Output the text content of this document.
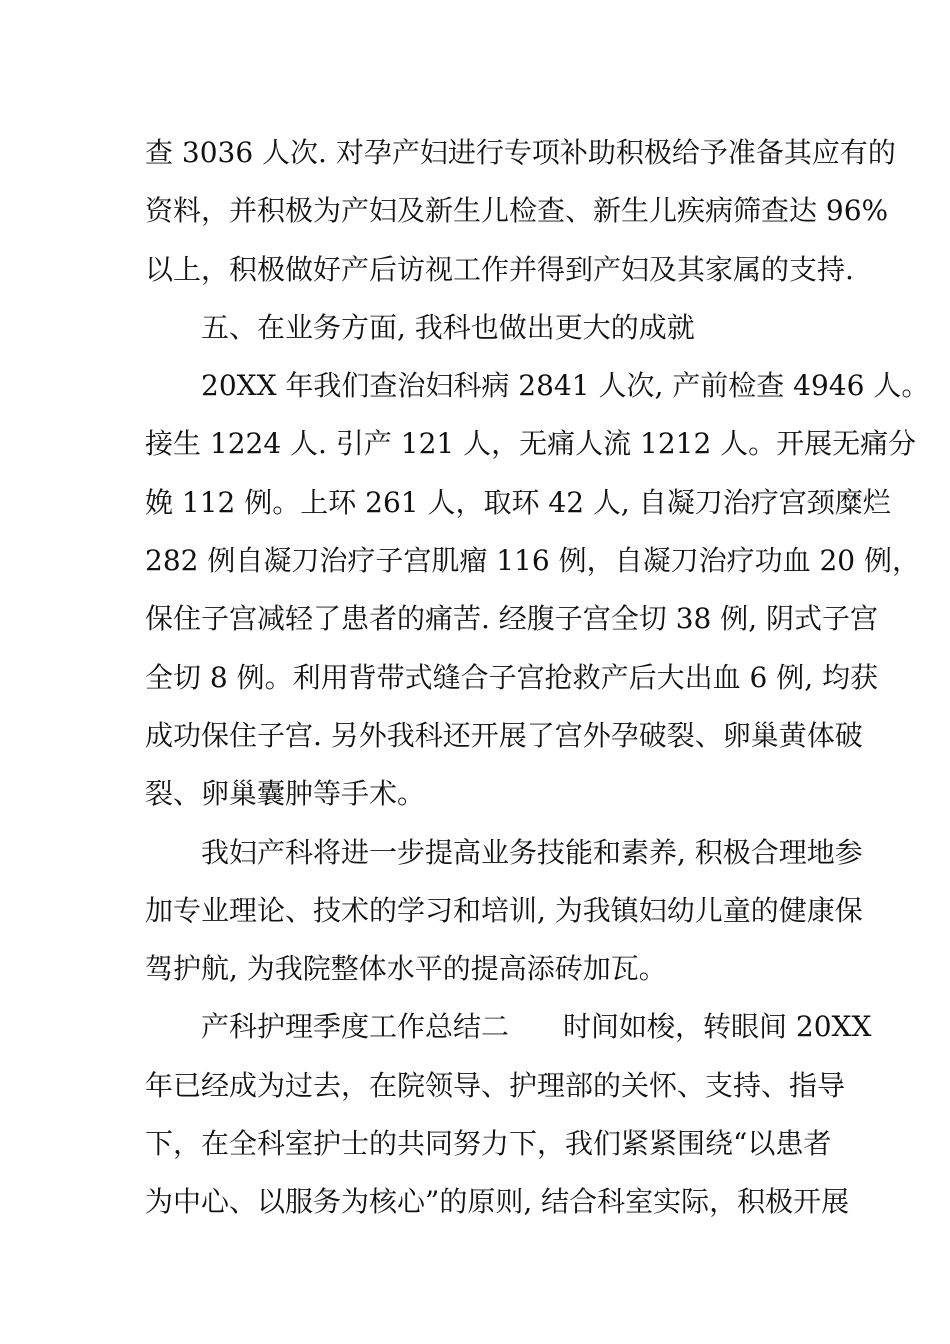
查 3036 人次. 对孕产妇进行专项补助积极给予准备其应有的
资料，并积极为产妇及新生儿检查、新生儿疾病筛查达 96%
以上，积极做好产后访视工作并得到产妇及其家属的支持.
五、在业务方面, 我科也做出更大的成就
20XX 年我们查治妇科病 2841 人次, 产前检查 4946 人。
接生 1224 人. 引产 121 人，无痛人流 1212 人。开展无痛分
娩 112 例。上环 261 人，取环 42 人, 自凝刀治疗宫颈糜烂
282 例自凝刀治疗子宫肌瘤 116 例，自凝刀治疗功血 20 例，
保住子宫减轻了患者的痛苦. 经腹子宫全切 38 例, 阴式子宫
全切 8 例。利用背带式缝合子宫抢救产后大出血 6 例, 均获
成功保住子宫. 另外我科还开展了宫外孕破裂、卵巢黄体破
裂、卵巢囊肿等手术。
我妇产科将进一步提高业务技能和素养, 积极合理地参
加专业理论、技术的学习和培训, 为我镇妇幼儿童的健康保
驾护航, 为我院整体水平的提高添砖加瓦。
产科护理季度工作总结二 时间如梭，转眼间 20XX
年已经成为过去，在院领导、护理部的关怀、支持、指导
下，在全科室护士的共同努力下，我们紧紧围绕“以患者
为中心、以服务为核心”的原则, 结合科室实际，积极开展
